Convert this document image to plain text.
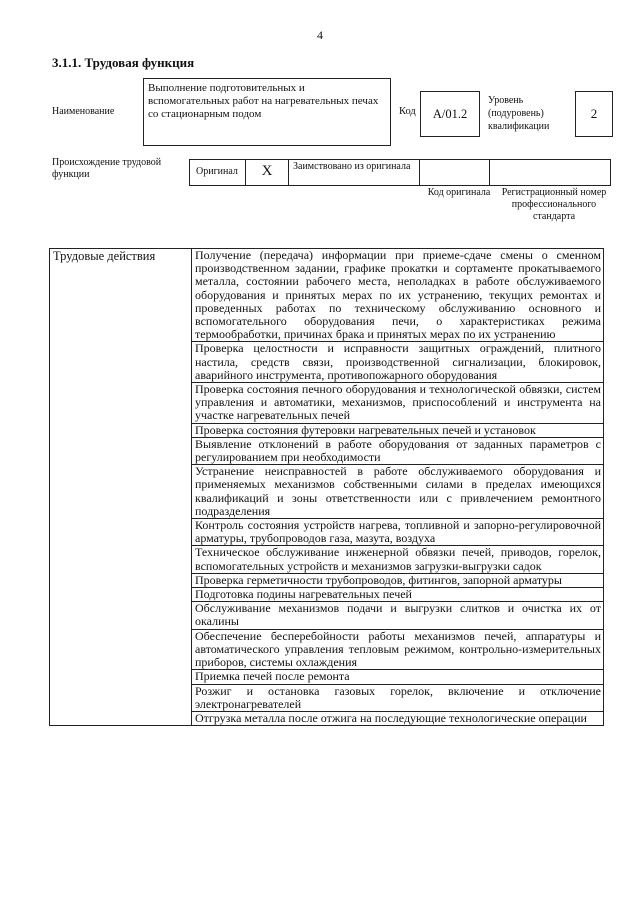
4
3.1.1. Трудовая функция
Наименование
Выполнение подготовительных и вспомогательных работ на нагревательных печах со стационарным подом	Код	A/01.2
Уровень (подуровень) квалификации
2
Происхождение трудовой функции	Оригинал	X	Заимствовано из оригинала
Код оригинала	Регистрационный номер профессионального стандарта
Трудовые действия	Получение (передача) информации при приеме-сдаче смены о сменном производственном задании, графике прокатки и сортаменте прокатываемого металла, состоянии рабочего места, неполадках в работе обслуживаемого оборудования и принятых мерах по их устранению, текущих ремонтах и проведенных работах по техническому обслуживанию основного и вспомогательного оборудования печи, о характеристиках режима термообработки, причинах брака и принятых мерах по их устранению
Проверка целостности и исправности защитных ограждений, плитного настила, средств связи, производственной сигнализации, блокировок, аварийного инструмента, противопожарного оборудования
Проверка состояния печного оборудования и технологической обвязки, систем управления и автоматики, механизмов, приспособлений и инструмента на участке нагревательных печей
Проверка состояния футеровки нагревательных печей и установок
Выявление отклонений в работе оборудования от заданных параметров с регулированием при необходимости
Устранение неисправностей в работе обслуживаемого оборудования и применяемых механизмов собственными силами в пределах имеющихся квалификаций и зоны ответственности или с привлечением ремонтного подразделения
Контроль состояния устройств нагрева, топливной и запорно-регулировочной арматуры, трубопроводов газа, мазута, воздуха
Техническое обслуживание инженерной обвязки печей, приводов, горелок, вспомогательных устройств и механизмов загрузки-выгрузки садок
Проверка герметичности трубопроводов, фитингов, запорной арматуры
Подготовка подины нагревательных печей
Обслуживание механизмов подачи и выгрузки слитков и очистка их от окалины
Обеспечение бесперебойности работы механизмов печей, аппаратуры и автоматического управления тепловым режимом, контрольно-измерительных приборов, системы охлаждения
Приемка печей после ремонта
Розжиг и остановка газовых горелок, включение и отключение электронагревателей
Отгрузка металла после отжига на последующие технологические операции
